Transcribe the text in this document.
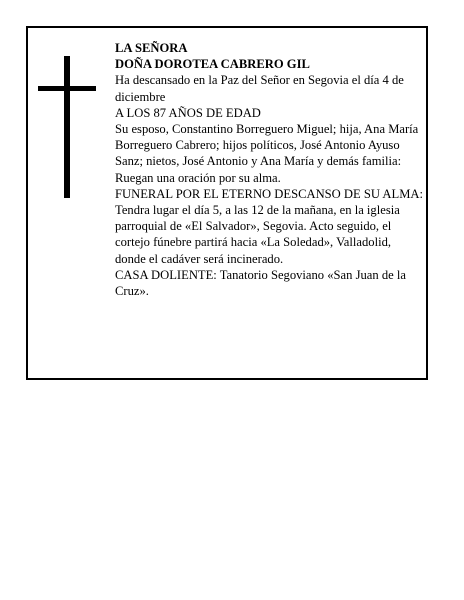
LA SEÑORA

DOÑA DOROTEA CABRERO GIL

Ha descansado en la Paz del Señor en Segovia el día 4 de diciembre

A LOS 87 AÑOS DE EDAD

Su esposo, Constantino Borreguero Miguel; hija, Ana María Borreguero Cabrero; hijos políticos, José Antonio Ayuso Sanz; nietos, José Antonio y Ana María y demás familia:

Ruegan una oración por su alma.

FUNERAL POR EL ETERNO DESCANSO DE SU ALMA: Tendra lugar el día 5, a las 12 de la mañana, en la iglesia parroquial de «El Salvador», Segovia. Acto seguido, el cortejo fúnebre partirá hacia «La Soledad», Valladolid, donde el cadáver será incinerado.

CASA DOLIENTE: Tanatorio Segoviano «San Juan de la Cruz».
